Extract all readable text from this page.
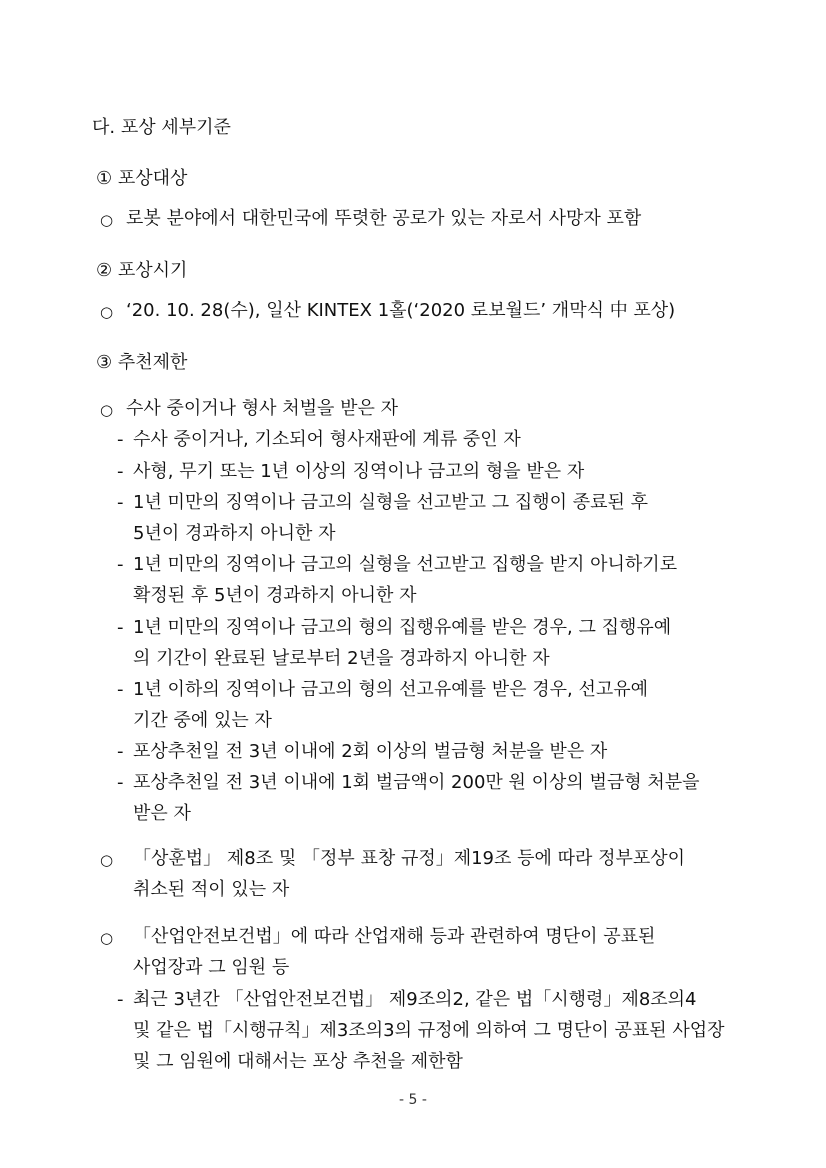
다. 포상 세부기준
① 포상대상
○ 로봇 분야에서 대한민국에 뚜렷한 공로가 있는 자로서 사망자 포함
② 포상시기
○ ‘20. 10. 28(수), 일산 KINTEX 1홀(‘2020 로보월드’ 개막식 中 포상)
③ 추천제한
○ 수사 중이거나 형사 처벌을 받은 자
- 수사 중이거나, 기소되어 형사재판에 계류 중인 자
- 사형, 무기 또는 1년 이상의 징역이나 금고의 형을 받은 자
- 1년 미만의 징역이나 금고의 실형을 선고받고 그 집행이 종료된 후
5년이 경과하지 아니한 자
- 1년 미만의 징역이나 금고의 실형을 선고받고 집행을 받지 아니하기로
확정된 후 5년이 경과하지 아니한 자
- 1년 미만의 징역이나 금고의 형의 집행유예를 받은 경우, 그 집행유예
의 기간이 완료된 날로부터 2년을 경과하지 아니한 자
- 1년 이하의 징역이나 금고의 형의 선고유예를 받은 경우, 선고유예
기간 중에 있는 자
- 포상추천일 전 3년 이내에 2회 이상의 벌금형 처분을 받은 자
- 포상추천일 전 3년 이내에 1회 벌금액이 200만 원 이상의 벌금형 처분을
받은 자
○ 「상훈법」 제8조 및 「정부 표창 규정」제19조 등에 따라 정부포상이
취소된 적이 있는 자
○ 「산업안전보건법」에 따라 산업재해 등과 관련하여 명단이 공표된
사업장과 그 임원 등
- 최근 3년간 「산업안전보건법」 제9조의2, 같은 법「시행령」제8조의4
및 같은 법「시행규칙」제3조의3의 규정에 의하여 그 명단이 공표된 사업장
및 그 임원에 대해서는 포상 추천을 제한함
- 5 -
